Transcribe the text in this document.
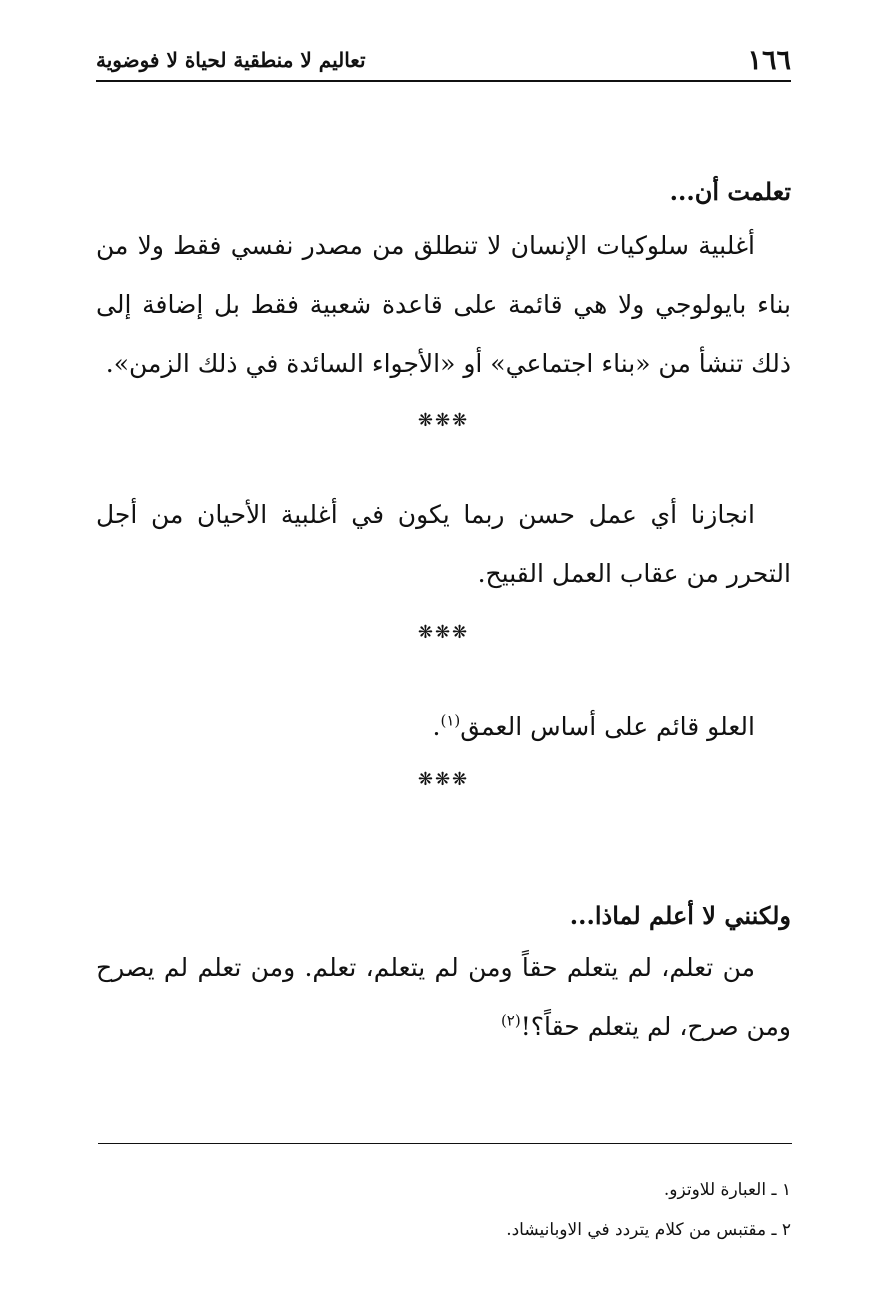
١٦٦
تعاليم لا منطقية لحياة لا فوضوية

تعلمت أن...

أغلبية سلوكيات الإنسان لا تنطلق من مصدر نفسي فقط ولا من بناء بايولوجي ولا هي قائمة على قاعدة شعبية فقط بل إضافة إلى ذلك تنشأ من «بناء اجتماعي» أو «الأجواء السائدة في ذلك الزمن».

❋❋❋

انجازنا أي عمل حسن ربما يكون في أغلبية الأحيان من أجل التحرر من عقاب العمل القبيح.

❋❋❋

العلو قائم على أساس العمق$^{(١)}$.

❋❋❋

ولكنني لا أعلم لماذا...

من تعلم، لم يتعلم حقاً ومن لم يتعلم، تعلم. ومن تعلم لم يصرح ومن صرح، لم يتعلم حقاً؟!$^{(٢)}$

١ ـ العبارة للاوتزو.

٢ ـ مقتبس من كلام يتردد في الاوبانيشاد.
